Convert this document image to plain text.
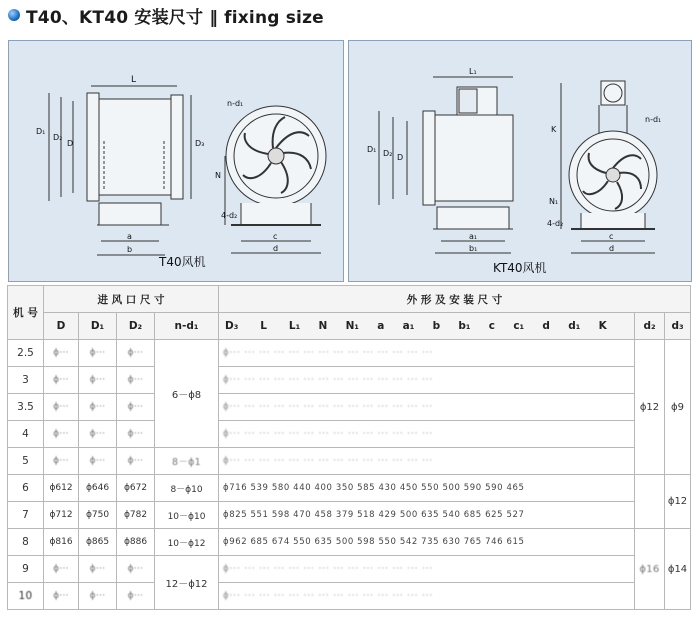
T40、KT40 安装尺寸 ‖ fixing size
L
D₁
D₂
D	D₃
n-d₁
N
4-d₂
a
b
c
d
T40风机
L₁
D₁ D₂ D
K
n-d₁
N₁
4-d₂
a₁
b₁
c
d
KT40风机
机 号	进 风 口 尺 寸				外 形 及 安 装 尺 寸		
	D	D₁	D₂	n-d₁	D₃ L L₁ N N₁ a a₁ b b₁ c c₁ d d₁ K	d₂	d₃
2.5	ϕ···	ϕ···	ϕ···	6－ϕ8	ϕ··· ··· ··· ··· ··· ··· ··· ··· ··· ··· ··· ··· ··· ···	ϕ12	ϕ9
3	ϕ···	ϕ···	ϕ···		ϕ··· ··· ··· ··· ··· ··· ··· ··· ··· ··· ··· ··· ··· ···		
3.5	ϕ···	ϕ···	ϕ···		ϕ··· ··· ··· ··· ··· ··· ··· ··· ··· ··· ··· ··· ··· ···		
4	ϕ···	ϕ···	ϕ···		ϕ··· ··· ··· ··· ··· ··· ··· ··· ··· ··· ··· ··· ··· ···		
5	ϕ···	ϕ···	ϕ···	8－ϕ1	ϕ··· ··· ··· ··· ··· ··· ··· ··· ··· ··· ··· ··· ··· ···		
6	ϕ612	ϕ646	ϕ672	8－ϕ10	ϕ716 539 580 440 400 350 585 430 450 550 500 590 590 465		ϕ12
7	ϕ712	ϕ750	ϕ782	10－ϕ10	ϕ825 551 598 470 458 379 518 429 500 635 540 685 625 527		
8	ϕ816	ϕ865	ϕ886	10－ϕ12	ϕ962 685 674 550 635 500 598 550 542 735 630 765 746 615	ϕ16	ϕ14
9	ϕ···	ϕ···	ϕ···	12－ϕ12	ϕ··· ··· ··· ··· ··· ··· ··· ··· ··· ··· ··· ··· ··· ···		
10	ϕ···	ϕ···	ϕ···		ϕ··· ··· ··· ··· ··· ··· ··· ··· ··· ··· ··· ··· ··· ···		
